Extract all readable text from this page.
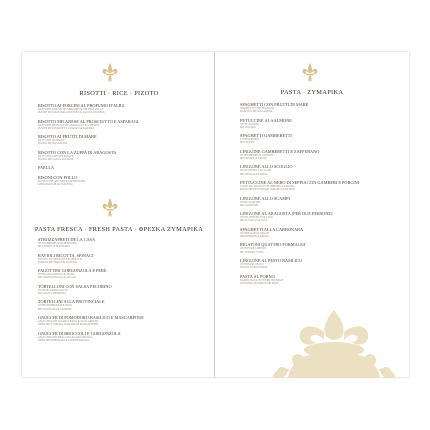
RISOTTI · RICE · PIZOTO
RISOTTO AI PORCINI AL PROFUMO D'ALBA
RICE WITH PORCINI MUSHROOMS & TRUFFLE SAUCE
PIZOTO ME MANITARIA ΠΟΡΤΣΙΝΙ & ΣΑΛΤΣΑ ΤΡΟΥΦΑΣ
RISOTTO MILANESE AL PROSCIUTTO E ASPARAGI
RICE WITH PROSCIUTTO, ASPARAGUS & SAFFRON
PIZOTO ME ΠΡΟΣΙΟΥΤΟ, ΣΠΑΡΑΓΓΙΑ & ΚΡΟΚΟ
RISOTTO AI FRUTTI DI MARE
RICE WITH SEAFOOD
PIZOTO ΜΕ ΘΑΛΑΣΣΙΝΑ
RISOTTO CON LA ZUPPA DI ARAGOSTA
RICE WITH LOBSTER BISQUE
PIZOTO ΜΕ ΣΟΥΠΑ ΑΣΤΑΚΟΥ
PAELLA
RISONI CON POLLO
PASTA WITH CHICKEN & MUSHROOMS
ΚΡΙΘΑΡΑΚΙ ΜΕ ΚΟΤΟΠΟΥΛΟ
PASTA FRESCA · FRESH PASTA · ΦΡΕΣΚΑ ΖΥΜΑΡΙΚΑ
STROZZAPRETI DE LA CASA
WITH SHRIMPS & MUSHROOMS
ΜΕ ΓΑΡΙΔΕΣ & ΜΑΝΙΤΑΡΙΑ
RAVIOLI RICOTTA, SPINACI
RAVIOLI WITH RICOTTA & SPINACH
ΡΑΒΙΟΛΙ ΜΕ ΡΙΚΟΤΑ & ΣΠΑΝΑΚΙ
FAGOTTINI GORGONZOLA E PERE
WITH GORGONZOLA & PEARS
ΜΕ ΓΚΟΡΓΚΟΝΖΟΛΑ & ΑΧΛΑΔΙ
TORTELLONI CON SALSA PECORINO
WITH PECORINO SAUCE
ΜΕ ΣΑΛΤΣΑ ΠΕΚΟΡΙΝΟ
TORTELLINI ALLA PROVINCIALE
WITH MUSHROOMS & HAM
ΜΕ ΜΑΝΙΤΑΡΙΑ & ΖΑΜΠΟΝ
GNOCCHI DI POMODORO BASILICO E MASCARPONE
GNOCCHI WITH TOMATO, BASIL & MASCARPONE
ΝΙΟΚΙ ΜΕ ΝΤΟΜΑΤΑ, ΒΑΣΙΛΙΚΟ & ΜΑΣΚΑΡΠΟΝΕ
GNOCCHI DI BROCCOLI E GORGONZOLA
GNOCCHI WITH BROCCOLI & GORGONZOLA
ΝΙΟΚΙ ΜΕ ΜΠΡΟΚΟΛΟ & ΓΚΟΡΓΚΟΝΖΟΛΑ
PASTA · ZYMAPIKA
SPAGHETTI CON FRUTTI DI MARE
SPAGHETTI WITH SEAFOOD
ΣΠΑΓΓΕΤΙ ΜΕ ΘΑΛΑΣΣΙΝΑ
FETUCCINE AL SALMONE
WITH SALMON
ΜΕ ΣΟΛΟΜΟ
SPAGHETTI GAMBERETTI
WITH SHRIMPS
ΜΕ ΓΑΡΙΔΕΣ
LINGUINE GAMBERETTI E ZAFFERANO
WITH SHRIMPS & SAFFRON
ΜΕ ΓΑΡΙΔΕΣ & ΚΡΟΚΟ
LINGUINE ALLO SCOGLIO
WITH MUSSELS & CLAMS
ΜΕ ΜΥΔΙΑ & ΚΥΔΩΝΙΑ
FETTUCCINE AL NERO DI SEPPIA CON GAMBERI E PORCINI
SQUID INK PASTA WITH SHRIMPS & PORCINI
ΜΑΥΡΑ ΦΕΤΟΥΤΣΙΝΙ ΜΕ ΓΑΡΙΔΕΣ & ΠΟΡΤΣΙΝΙ
LINGUINE ALLO SCAMPI
WITH CRAYFISH
ΜΕ ΚΑΡΑΒΙΔΕΣ
LINGUINE AL ARAGOSTA (PER DUE PERSONE)
WITH LOBSTER (FOR TWO)
ΜΕ ΑΣΤΑΚΟ (ΓΙΑ ΔΥΟ)
SPAGHETTI ALLA CARBONARA
WITH BACON & CREAM
ΜΕ ΜΠΕΙΚΟΝ & ΚΡΕΜΑ
RIGATONI QUATTRO FORMAGGI
WITH FOUR CHEESES
ΜΕ ΤΕΣΣΕΡΑ ΤΥΡΙΑ
LINGUINE AL PESTO BASILICO
WITH BASIL PESTO
ΜΕ ΠΕΣΤΟ ΒΑΣΙΛΙΚΟΥ
PASTA AL FORNO
BAKED PASTA WITH MINCED MEAT
ΖΥΜΑΡΙΚΑ ΦΟΥΡΝΟΥ ΜΕ ΚΙΜΑ
